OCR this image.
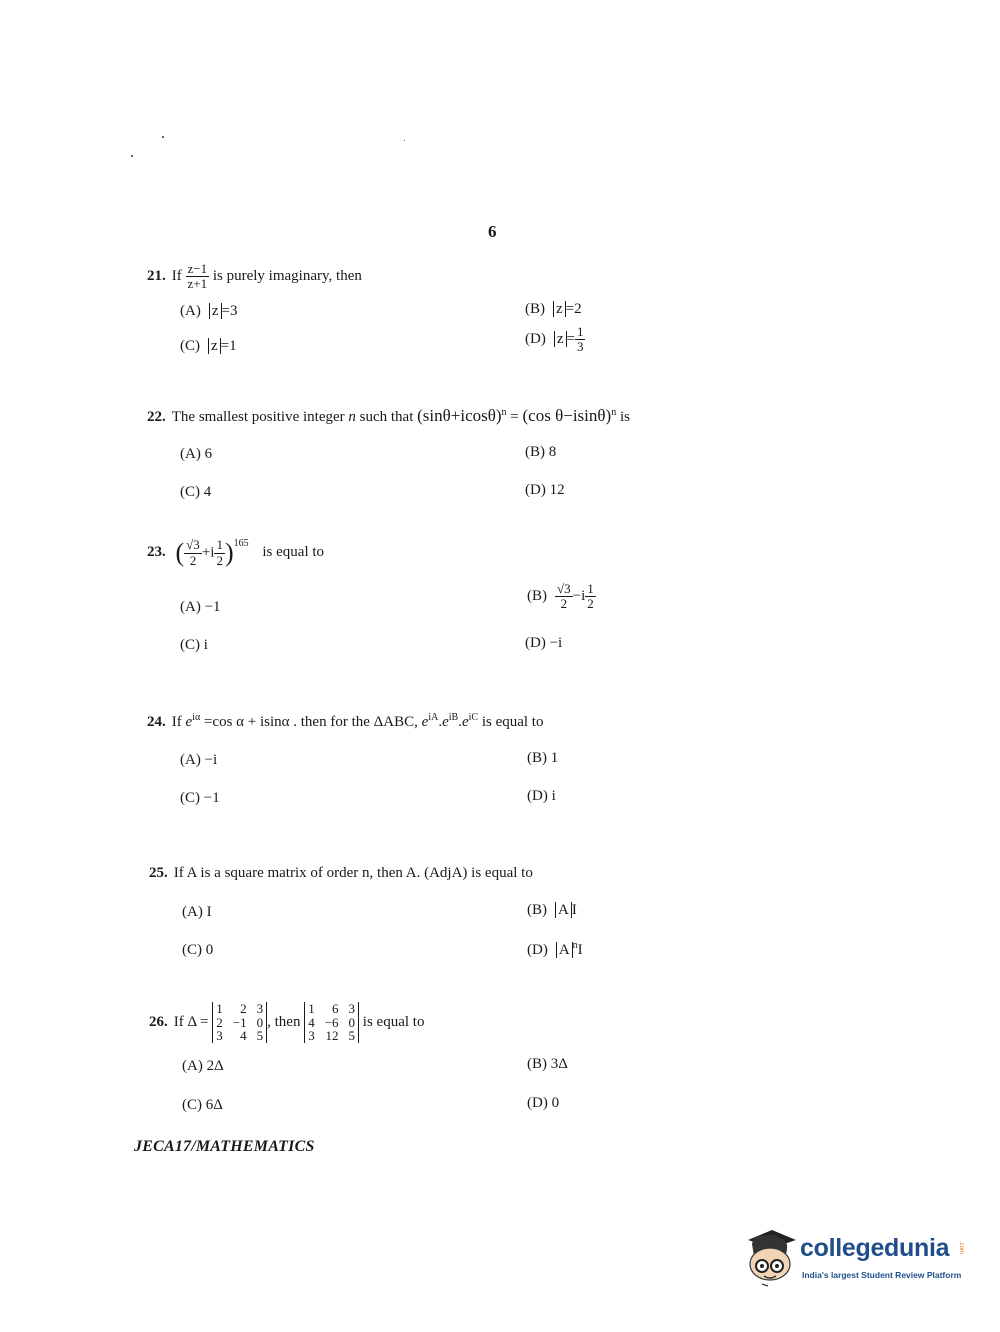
6
21. If $\frac{z-1}{z+1}$ is purely imaginary, then
(A) z =3	(B) z =2
(C) z =1	(D) $z = \frac{1}{3}$
22. The smallest positive integer n such that $(\sin\theta+icos\theta)^n = (\cos$ θ−isinθ)$^n$ is
(A) 6	(B) 8
(C) 4	(D) 12
23. ( $\frac{√3}{2} +i \frac{1}{2} )^{165}$ is equal to
(A) −1
$(B) \frac{√3}{2} -i \frac{1}{2}$
(C) i	(D) −i
24. If $e^{i\alpha} =\cos$ α + isinα . then for the ΔABC, $e^{iA}.e^{iB}.e^{iC}$ is equal to
(A) −i	(B) 1
(C) −1	(D) i
25. If A is a square matrix of order n, then A. (AdjA) is equal to
(A) I	(B) A I
(C) 0	(D) A $^n$I
26. If Δ =
1	2 3
2 −1 0
3	4 5
, then
1	6 3
4 −6 0
3 12 5
is equal to
(A) 2Δ	(B) 3Δ
(C) 6Δ	(D) 0
JECA17/MATHEMATICS
collegedunia .com
India's largest Student Review Platform
